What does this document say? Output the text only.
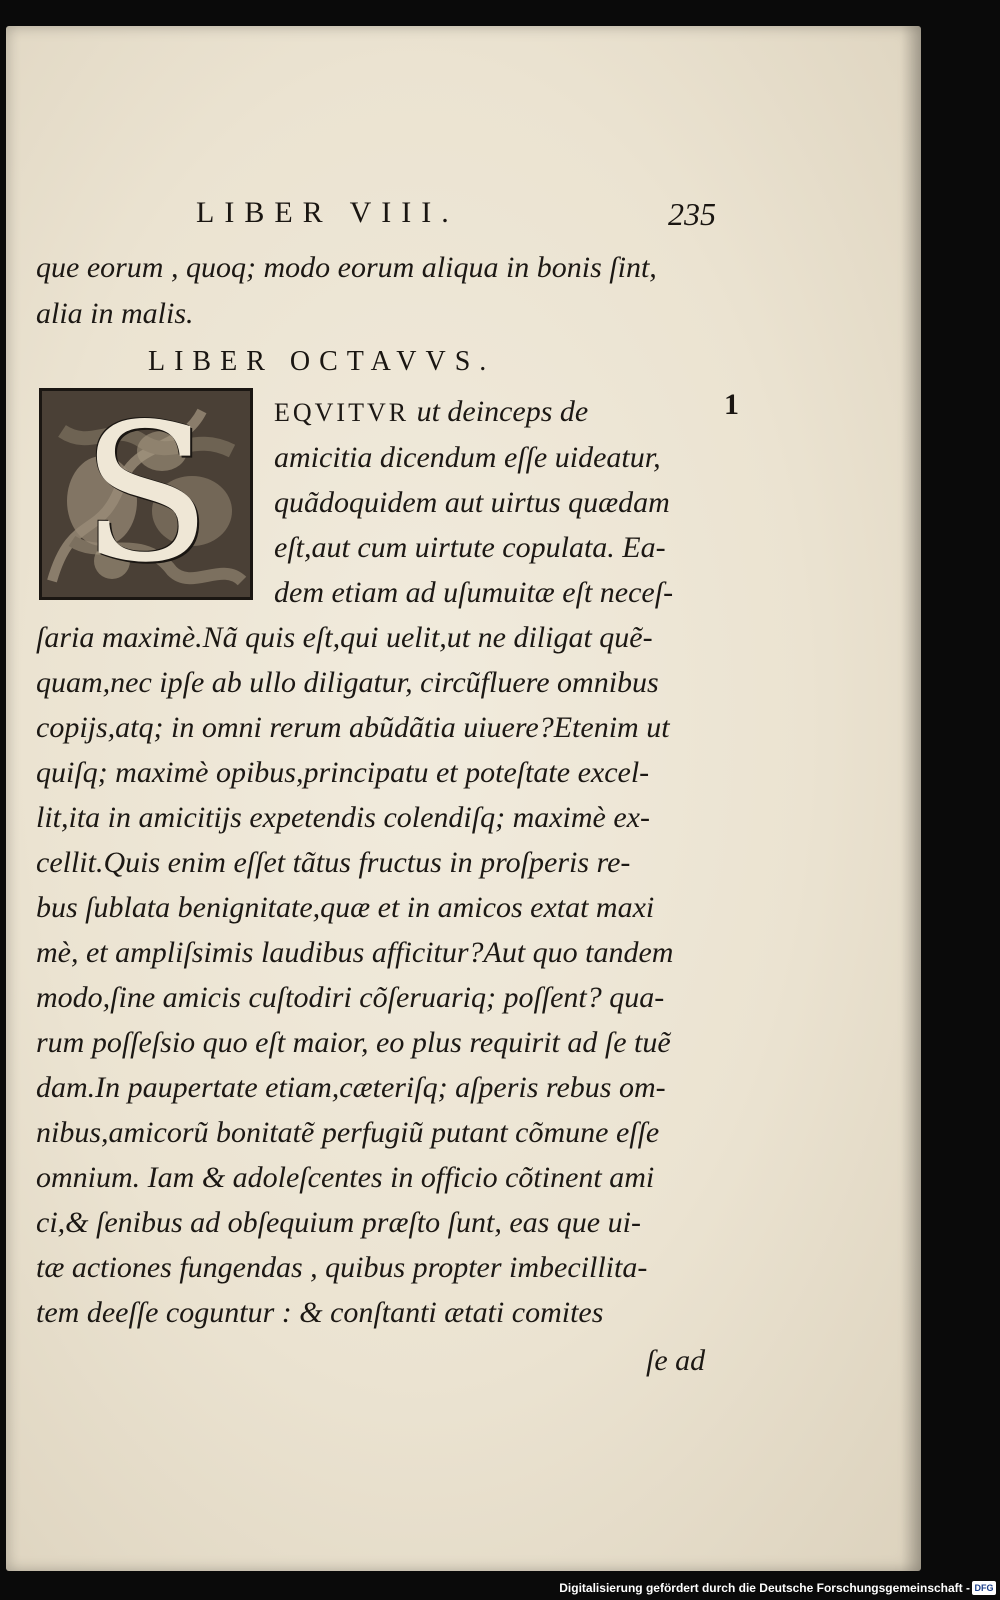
LIBER VIII.	235
que eorum , quoq; modo eorum aliqua in bonis ſint,
alia in malis.
LIBER OCTAVVS.
S	EQVITVR ut deinceps de	1
amicitia dicendum eſſe uideatur,
quãdoquidem aut uirtus quædam
eſt,aut cum uirtute copulata. Ea-
dem etiam ad uſumuitæ eſt neceſ-
ſaria maximè.Nã quis eſt,qui uelit,ut ne diligat quẽ-
quam,nec ipſe ab ullo diligatur, circũfluere omnibus
copijs,atq; in omni rerum abũdãtia uiuere?Etenim ut
quiſq; maximè opibus,principatu et poteſtate excel-
lit,ita in amicitijs expetendis colendiſq; maximè ex-
cellit.Quis enim eſſet tãtus fructus in proſperis re-
bus ſublata benignitate,quæ et in amicos extat maxi
mè, et ampliſsimis laudibus afficitur?Aut quo tandem
modo,ſine amicis cuſtodiri cõſeruariq; poſſent? qua-
rum poſſeſsio quo eſt maior, eo plus requirit ad ſe tuẽ
dam.In paupertate etiam,cæteriſq; aſperis rebus om-
nibus,amicorũ bonitatẽ perfugiũ putant cõmune eſſe
omnium. Iam & adoleſcentes in officio cõtinent ami
ci,& ſenibus ad obſequium præſto ſunt, eas que ui-
tæ actiones fungendas , quibus propter imbecillita-
tem deeſſe coguntur : & conſtanti ætati comites
ſe ad
Digitalisierung gefördert durch die Deutsche Forschungsgemeinschaft - DFG
